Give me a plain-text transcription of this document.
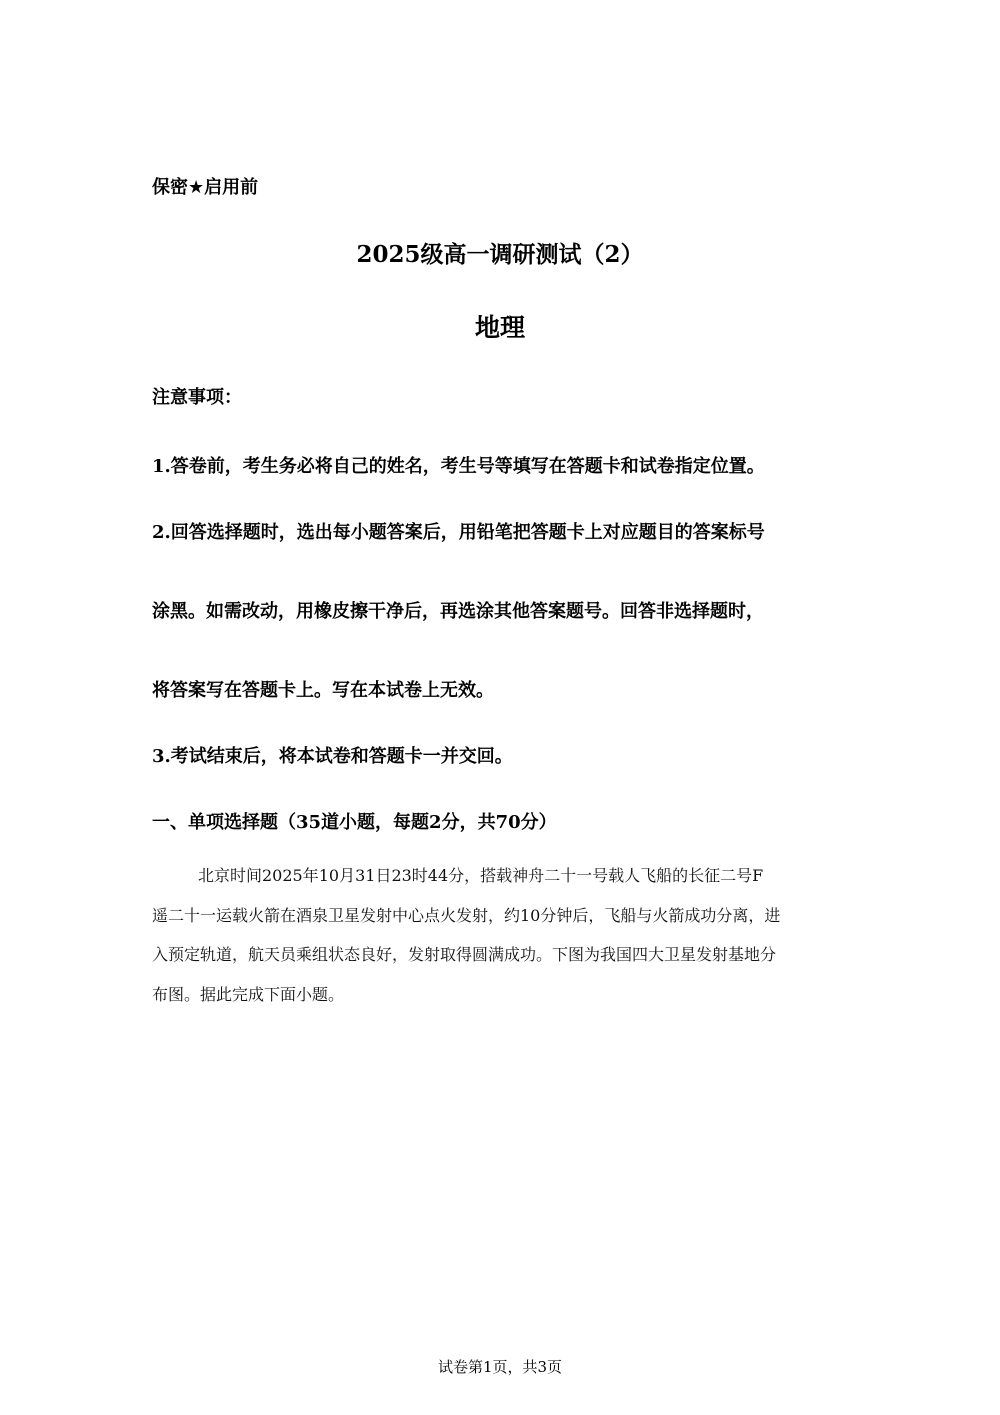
保密★启用前

2025级高一调研测试（2）

地理

注意事项：

1.答卷前，考生务必将自己的姓名，考生号等填写在答题卡和试卷指定位置。

2.回答选择题时，选出每小题答案后，用铅笔把答题卡上对应题目的答案标号

涂黑。如需改动，用橡皮擦干净后，再选涂其他答案题号。回答非选择题时，

将答案写在答题卡上。写在本试卷上无效。

3.考试结束后，将本试卷和答题卡一并交回。

一、单项选择题（35道小题，每题2分，共70分）

北京时间2025年10月31日23时44分，搭载神舟二十一号载人飞船的长征二号F

遥二十一运载火箭在酒泉卫星发射中心点火发射，约10分钟后，飞船与火箭成功分离，进

入预定轨道，航天员乘组状态良好，发射取得圆满成功。下图为我国四大卫星发射基地分

布图。据此完成下面小题。

试卷第1页，共3页
